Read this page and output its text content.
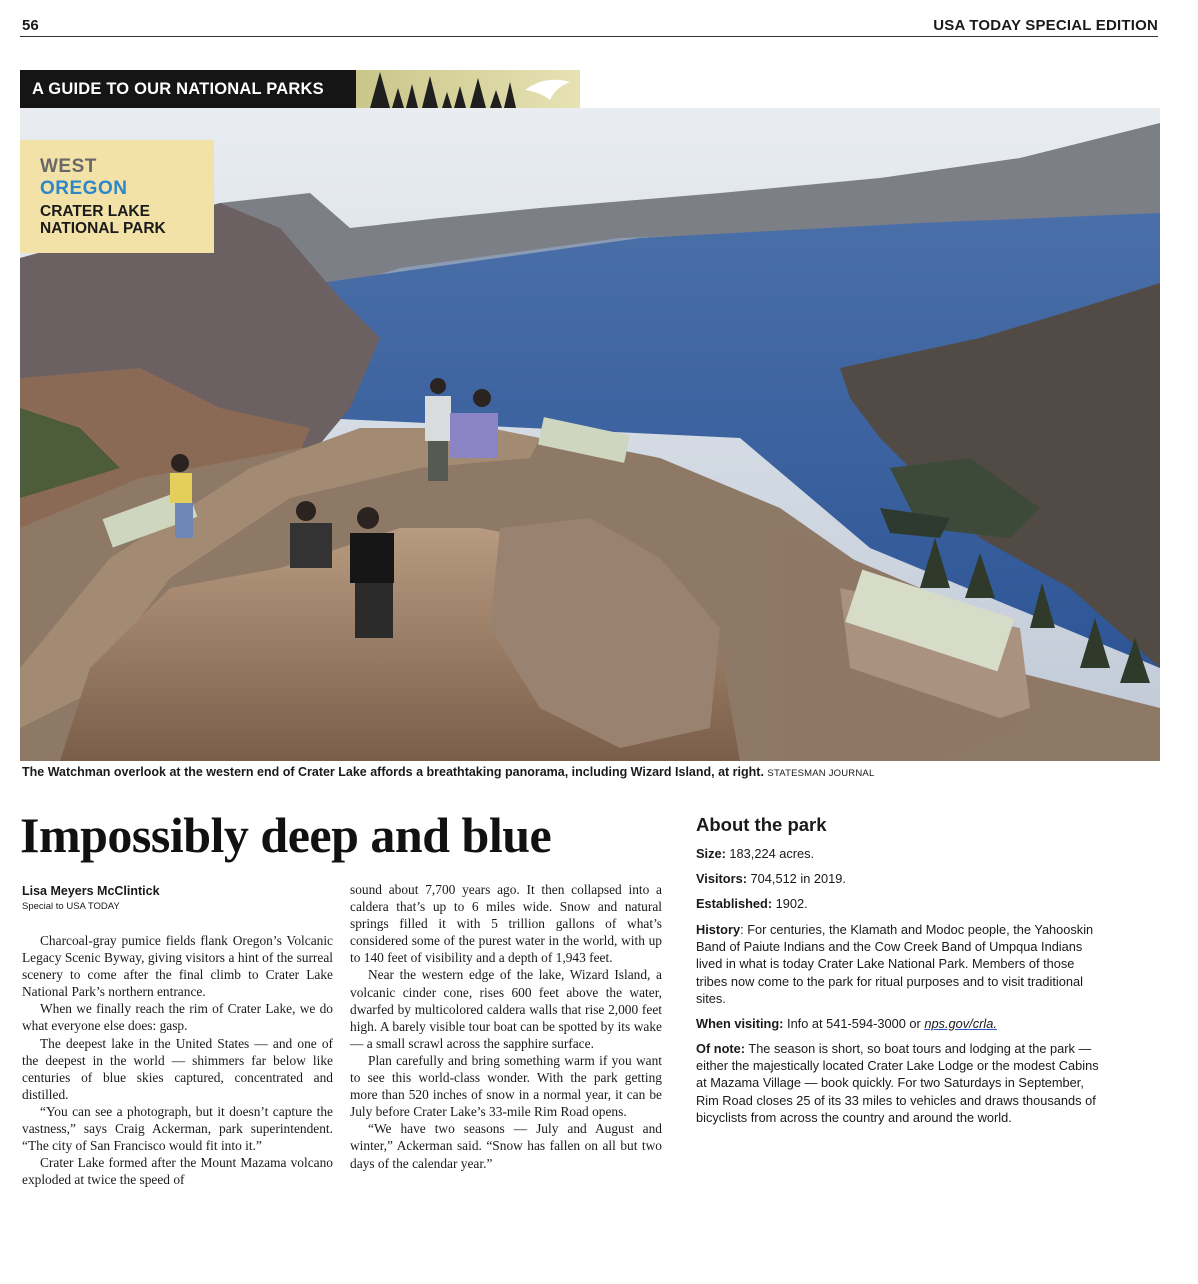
56	USA TODAY SPECIAL EDITION
A GUIDE TO OUR NATIONAL PARKS
WEST
OREGON
CRATER LAKE
NATIONAL PARK
The Watchman overlook at the western end of Crater Lake affords a breathtaking panorama, including Wizard Island, at right. STATESMAN JOURNAL
Impossibly deep and blue
Lisa Meyers McClintick
Special to USA TODAY

Charcoal-gray pumice fields flank Oregon’s Volcanic Legacy Scenic Byway, giving visitors a hint of the surreal scenery to come after the final climb to Crater Lake National Park’s northern entrance.

When we finally reach the rim of Crater Lake, we do what everyone else does: gasp.

The deepest lake in the United States — and one of the deepest in the world — shimmers far below like centuries of blue skies captured, concentrated and distilled.

“You can see a photograph, but it doesn’t capture the vastness,” says Craig Ackerman, park superintendent. “The city of San Francisco would fit into it.”

Crater Lake formed after the Mount Mazama volcano exploded at twice the speed of

sound about 7,700 years ago. It then collapsed into a caldera that’s up to 6 miles wide. Snow and natural springs filled it with 5 trillion gallons of what’s considered some of the purest water in the world, with up to 140 feet of visibility and a depth of 1,943 feet.

Near the western edge of the lake, Wizard Island, a volcanic cinder cone, rises 600 feet above the water, dwarfed by multicolored caldera walls that rise 2,000 feet high. A barely visible tour boat can be spotted by its wake — a small scrawl across the sapphire surface.

Plan carefully and bring something warm if you want to see this world-class wonder. With the park getting more than 520 inches of snow in a normal year, it can be July before Crater Lake’s 33-mile Rim Road opens.

“We have two seasons — July and August and winter,” Ackerman said. “Snow has fallen on all but two days of the calendar year.”

About the park
Size: 183,224 acres.
Visitors: 704,512 in 2019.
Established: 1902.
History: For centuries, the Klamath and Modoc people, the Yahooskin Band of Paiute Indians and the Cow Creek Band of Umpqua Indians lived in what is today Crater Lake National Park. Members of those tribes now come to the park for ritual purposes and to visit traditional sites.
When visiting: Info at 541-594-3000 or nps.gov/crla.
Of note: The season is short, so boat tours and lodging at the park — either the majestically located Crater Lake Lodge or the modest Cabins at Mazama Village — book quickly. For two Saturdays in September, Rim Road closes 25 of its 33 miles to vehicles and draws thousands of bicyclists from across the country and around the world.
